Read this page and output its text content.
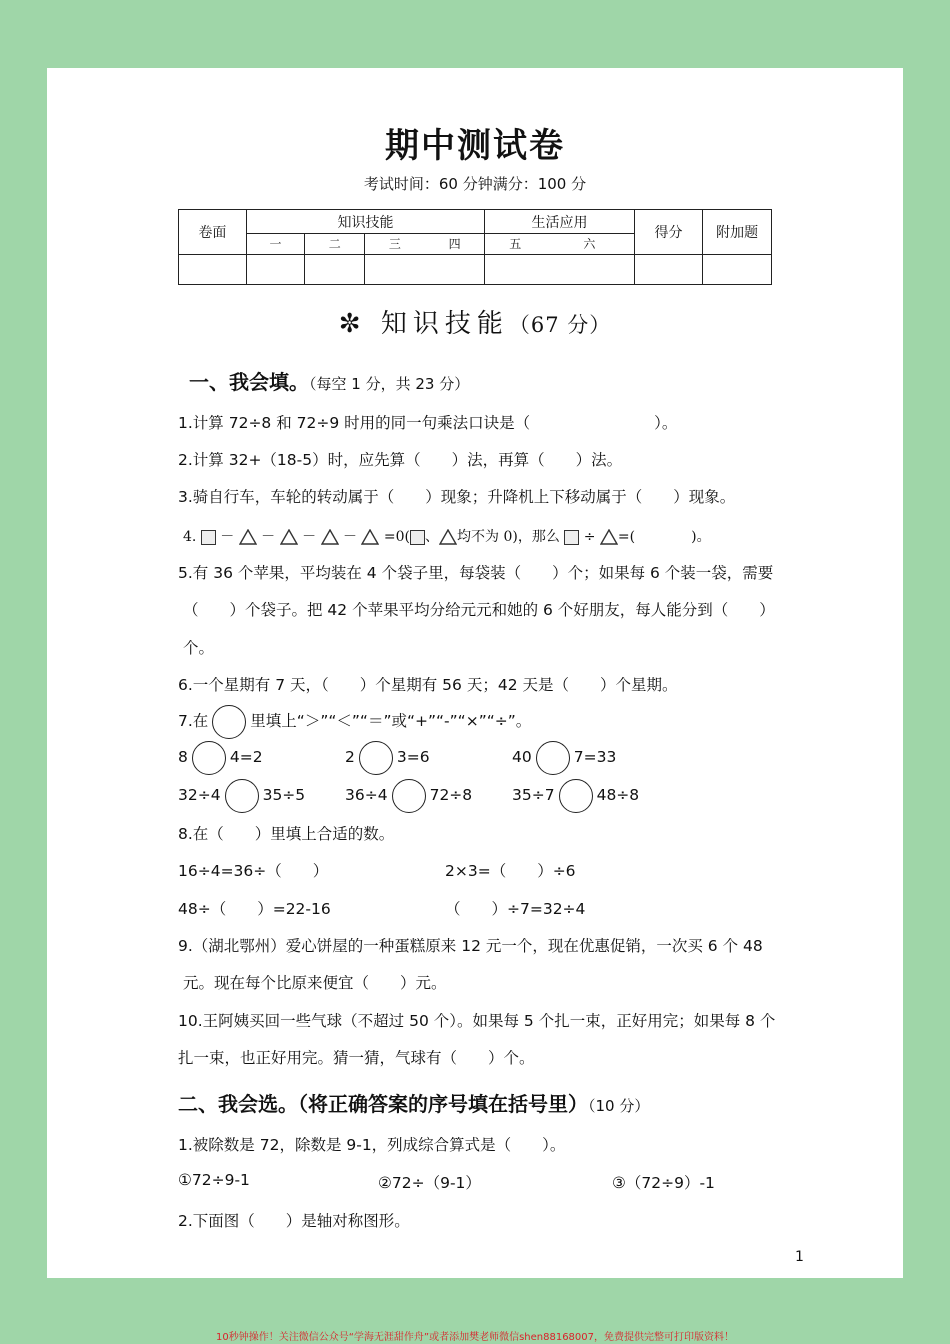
期中测试卷
考试时间：60 分钟满分：100 分
卷面	知识技能				生活应用		得分	附加题
	一	二	三	四	五	六		

✼ 知识技能（67 分）
一、我会填。（每空 1 分，共 23 分）
1.计算 72÷8 和 72÷9 时用的同一句乘法口诀是（　　　　　　　　）。
2.计算 32+（18-5）时，应先算（　　）法，再算（　　）法。
3.骑自行车，车轮的转动属于（　　）现象；升降机上下移动属于（　　）现象。
4. － － － － =0( 、 均不为 0)，那么 ÷ =(　　　　)。
5.有 36 个苹果，平均装在 4 个袋子里，每袋装（　　）个；如果每 6 个装一袋，需要
（　　）个袋子。把 42 个苹果平均分给元元和她的 6 个好朋友，每人能分到（　　）
个。
6.一个星期有 7 天，（　　）个星期有 56 天；42 天是（　　）个星期。
7.在	里填上“＞”“＜”“＝”或“+”“-”“×”“÷”。
8	4=2	2	3=6	40	7=33
32÷4	35÷5	36÷4	72÷8	35÷7	48÷8
8.在（　　）里填上合适的数。
16÷4=36÷（　　）	2×3=（　　）÷6
48÷（　　）=22-16	（　　）÷7=32÷4
9.（湖北鄂州）爱心饼屋的一种蛋糕原来 12 元一个，现在优惠促销，一次买 6 个 48
元。现在每个比原来便宜（　　）元。
10.王阿姨买回一些气球（不超过 50 个）。如果每 5 个扎一束，正好用完；如果每 8 个
扎一束，也正好用完。猜一猜，气球有（　　）个。
二、我会选。（将正确答案的序号填在括号里）（10 分）
1.被除数是 72，除数是 9-1，列成综合算式是（　　）。
①72÷9-1	②72÷（9-1）	③（72÷9）-1
2.下面图（　　）是轴对称图形。
1
10秒钟操作！关注微信公众号“学海无涯甜作舟”或者添加樊老师微信shen88168007，免费提供完整可打印版资料！
